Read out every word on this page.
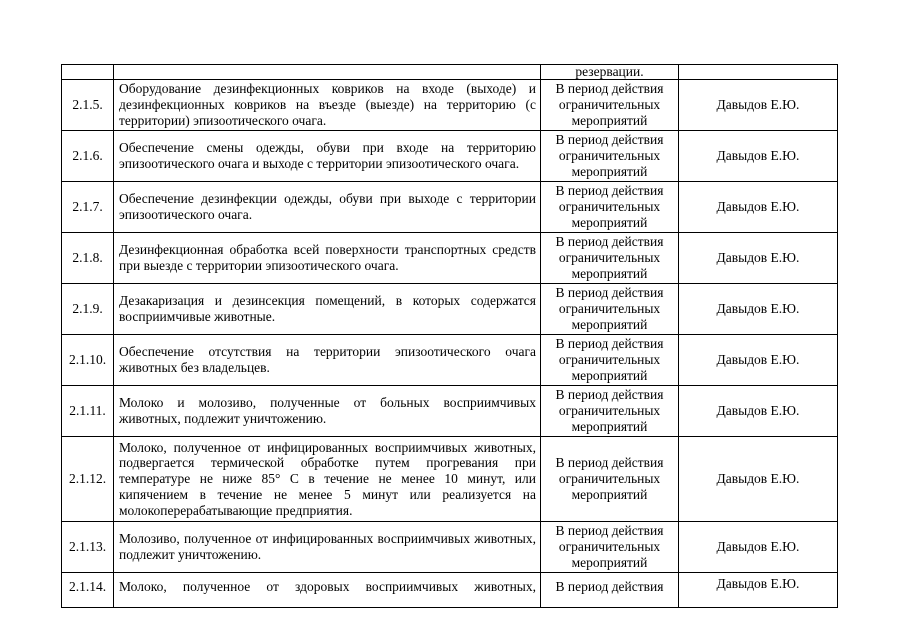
		резервации.	
2.1.5.	Оборудование дезинфекционных ковриков на входе (выходе) и дезинфекционных ковриков на въезде (выезде) на территорию (с территории) эпизоотического очага.	В период действия ограничительных мероприятий	Давыдов Е.Ю.
2.1.6.	Обеспечение смены одежды, обуви при входе на территорию эпизоотического очага и выходе с территории эпизоотического очага.	В период действия ограничительных мероприятий	Давыдов Е.Ю.
2.1.7.	Обеспечение дезинфекции одежды, обуви при выходе с территории эпизоотического очага.	В период действия ограничительных мероприятий	Давыдов Е.Ю.
2.1.8.	Дезинфекционная обработка всей поверхности транспортных средств при выезде с территории эпизоотического очага.	В период действия ограничительных мероприятий	Давыдов Е.Ю.
2.1.9.	Дезакаризация и дезинсекция помещений, в которых содержатся восприимчивые животные.	В период действия ограничительных мероприятий	Давыдов Е.Ю.
2.1.10.	Обеспечение отсутствия на территории эпизоотического очага животных без владельцев.	В период действия ограничительных мероприятий	Давыдов Е.Ю.
2.1.11.	Молоко и молозиво, полученные от больных восприимчивых животных, подлежит уничтожению.	В период действия ограничительных мероприятий	Давыдов Е.Ю.
2.1.12.	Молоко, полученное от инфицированных восприимчивых животных, подвергается термической обработке путем прогревания при температуре не ниже 85° С в течение не менее 10 минут, или кипячением в течение не менее 5 минут или реализуется на молокоперерабатывающие предприятия.	В период действия ограничительных мероприятий	Давыдов Е.Ю.
2.1.13.	Молозиво, полученное от инфицированных восприимчивых животных, подлежит уничтожению.	В период действия ограничительных мероприятий	Давыдов Е.Ю.
2.1.14.	Молоко, полученное от здоровых восприимчивых животных,	В период действия	Давыдов Е.Ю.
